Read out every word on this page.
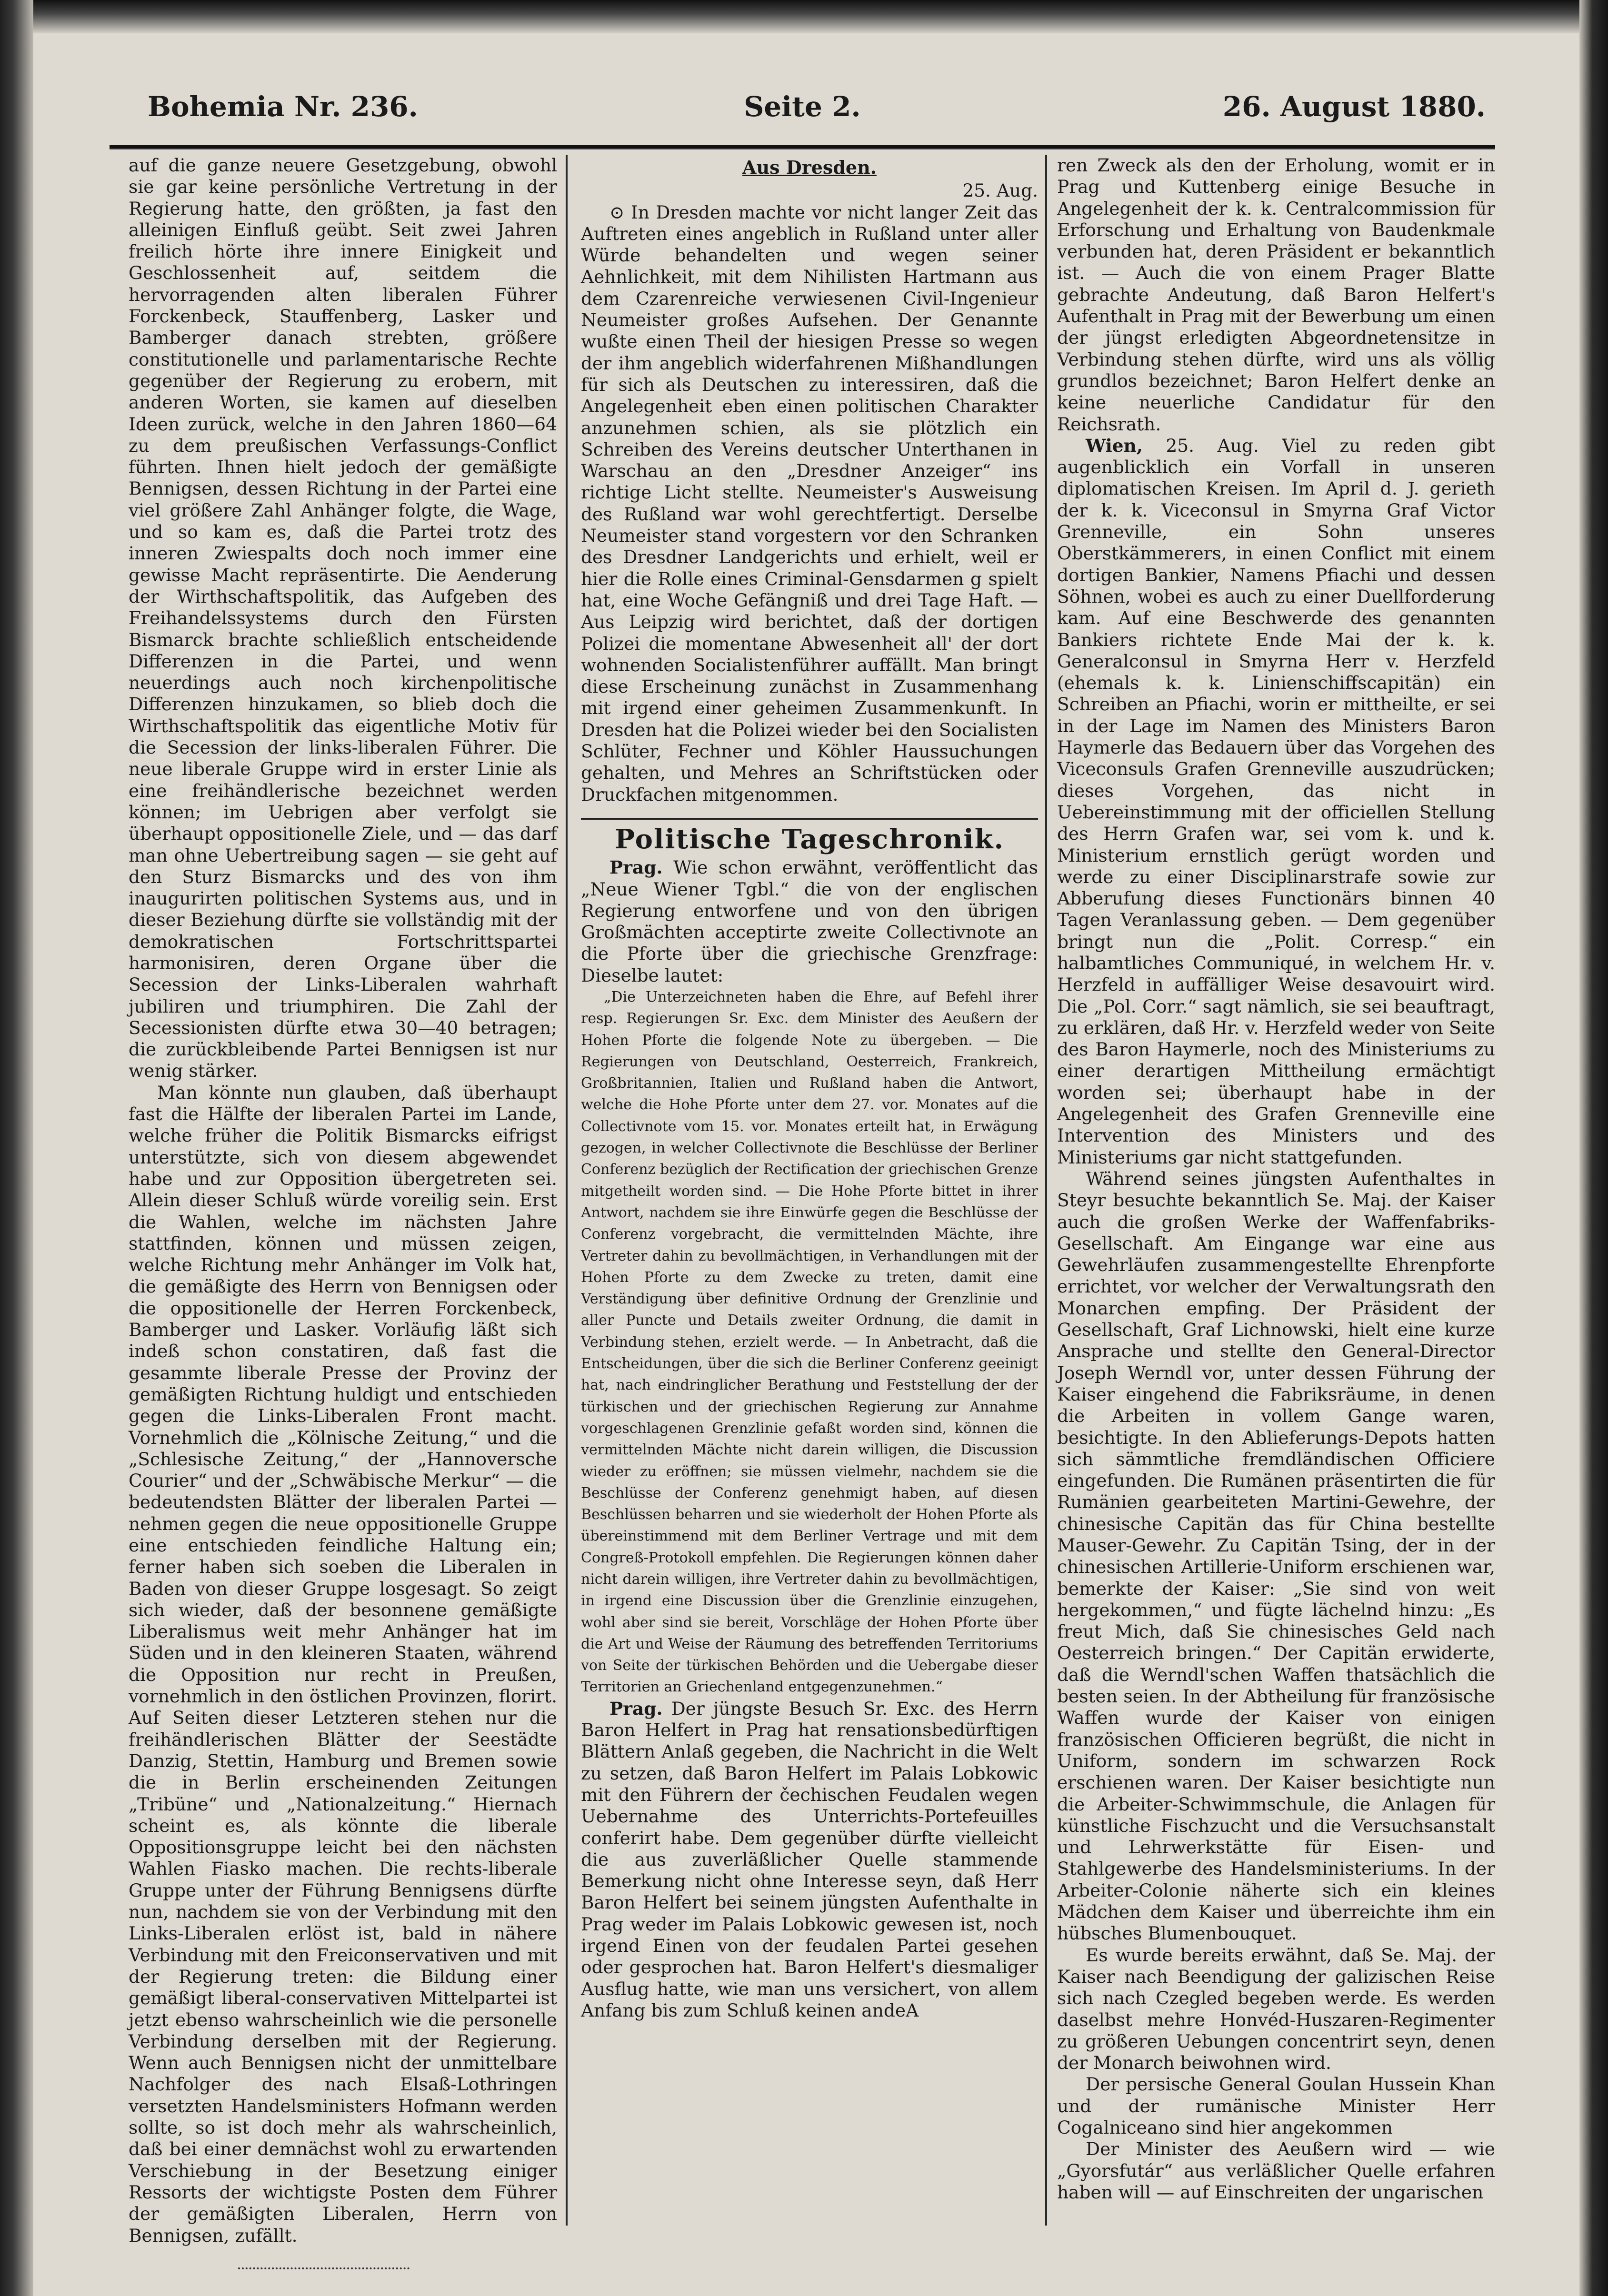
Bohemia Nr. 236.	Seite 2.	26. August 1880.

auf die ganze neuere Gesetzgebung, obwohl sie gar keine persönliche Vertretung in der Regierung hatte, den größten, ja fast den alleinigen Einfluß geübt. Seit zwei Jahren freilich hörte ihre innere Einigkeit und Geschlossenheit auf, seitdem die hervorragenden alten liberalen Führer Forckenbeck, Stauffenberg, Lasker und Bamberger danach strebten, größere constitutionelle und parlamentarische Rechte gegenüber der Regierung zu erobern, mit anderen Worten, sie kamen auf dieselben Ideen zurück, welche in den Jahren 1860—64 zu dem preußischen Verfassungs-Conflict führten. Ihnen hielt jedoch der gemäßigte Bennigsen, dessen Richtung in der Partei eine viel größere Zahl Anhänger folgte, die Wage, und so kam es, daß die Partei trotz des inneren Zwiespalts doch noch immer eine gewisse Macht repräsentirte. Die Aenderung der Wirthschaftspolitik, das Aufgeben des Freihandelssystems durch den Fürsten Bismarck brachte schließlich entscheidende Differenzen in die Partei, und wenn neuerdings auch noch kirchenpolitische Differenzen hinzukamen, so blieb doch die Wirthschaftspolitik das eigentliche Motiv für die Secession der links-liberalen Führer. Die neue liberale Gruppe wird in erster Linie als eine freihändlerische bezeichnet werden können; im Uebrigen aber verfolgt sie überhaupt oppositionelle Ziele, und — das darf man ohne Uebertreibung sagen — sie geht auf den Sturz Bismarcks und des von ihm inaugurirten politischen Systems aus, und in dieser Beziehung dürfte sie vollständig mit der demokratischen Fortschrittspartei harmonisiren, deren Organe über die Secession der Links-Liberalen wahrhaft jubiliren und triumphiren. Die Zahl der Secessionisten dürfte etwa 30—40 betragen; die zurückbleibende Partei Bennigsen ist nur wenig stärker.

Man könnte nun glauben, daß überhaupt fast die Hälfte der liberalen Partei im Lande, welche früher die Politik Bismarcks eifrigst unterstützte, sich von diesem abgewendet habe und zur Opposition übergetreten sei. Allein dieser Schluß würde voreilig sein. Erst die Wahlen, welche im nächsten Jahre stattfinden, können und müssen zeigen, welche Richtung mehr Anhänger im Volk hat, die gemäßigte des Herrn von Bennigsen oder die oppositionelle der Herren Forckenbeck, Bamberger und Lasker. Vorläufig läßt sich indeß schon constatiren, daß fast die gesammte liberale Presse der Provinz der gemäßigten Richtung huldigt und entschieden gegen die Links-Liberalen Front macht. Vornehmlich die „Kölnische Zeitung,“ und die „Schlesische Zeitung,“ der „Hannoversche Courier“ und der „Schwäbische Merkur“ — die bedeutendsten Blätter der liberalen Partei — nehmen gegen die neue oppositionelle Gruppe eine entschieden feindliche Haltung ein; ferner haben sich soeben die Liberalen in Baden von dieser Gruppe losgesagt. So zeigt sich wieder, daß der besonnene gemäßigte Liberalismus weit mehr Anhänger hat im Süden und in den kleineren Staaten, während die Opposition nur recht in Preußen, vornehmlich in den östlichen Provinzen, florirt. Auf Seiten dieser Letzteren stehen nur die freihändlerischen Blätter der Seestädte Danzig, Stettin, Hamburg und Bremen sowie die in Berlin erscheinenden Zeitungen „Tribüne“ und „Nationalzeitung.“ Hiernach scheint es, als könnte die liberale Oppositionsgruppe leicht bei den nächsten Wahlen Fiasko machen. Die rechts-liberale Gruppe unter der Führung Bennigsens dürfte nun, nachdem sie von der Verbindung mit den Links-Liberalen erlöst ist, bald in nähere Verbindung mit den Freiconservativen und mit der Regierung treten: die Bildung einer gemäßigt liberal-conservativen Mittelpartei ist jetzt ebenso wahrscheinlich wie die personelle Verbindung derselben mit der Regierung. Wenn auch Bennigsen nicht der unmittelbare Nachfolger des nach Elsaß-Lothringen versetzten Handelsministers Hofmann werden sollte, so ist doch mehr als wahrscheinlich, daß bei einer demnächst wohl zu erwartenden Verschiebung in der Besetzung einiger Ressorts der wichtigste Posten dem Führer der gemäßigten Liberalen, Herrn von Bennigsen, zufällt.

Aus Dresden.
25. Aug.

⊙ In Dresden machte vor nicht langer Zeit das Auftreten eines angeblich in Rußland unter aller Würde behandelten und wegen seiner Aehnlichkeit, mit dem Nihilisten Hartmann aus dem Czarenreiche verwiesenen Civil-Ingenieur Neumeister großes Aufsehen. Der Genannte wußte einen Theil der hiesigen Presse so wegen der ihm angeblich widerfahrenen Mißhandlungen für sich als Deutschen zu interessiren, daß die Angelegenheit eben einen politischen Charakter anzunehmen schien, als sie plötzlich ein Schreiben des Vereins deutscher Unterthanen in Warschau an den „Dresdner Anzeiger“ ins richtige Licht stellte. Neumeister's Ausweisung des Rußland war wohl gerechtfertigt. Derselbe Neumeister stand vorgestern vor den Schranken des Dresdner Landgerichts und erhielt, weil er hier die Rolle eines Criminal-Gensdarmen g spielt hat, eine Woche Gefängniß und drei Tage Haft. — Aus Leipzig wird berichtet, daß der dortigen Polizei die momentane Abwesenheit all' der dort wohnenden Socialistenführer auffällt. Man bringt diese Erscheinung zunächst in Zusammenhang mit irgend einer geheimen Zusammenkunft. In Dresden hat die Polizei wieder bei den Socialisten Schlüter, Fechner und Köhler Haussuchungen gehalten, und Mehres an Schriftstücken oder Druckfachen mitgenommen.

Politische Tageschronik.

Prag. Wie schon erwähnt, veröffentlicht das „Neue Wiener Tgbl.“ die von der englischen Regierung entworfene und von den übrigen Großmächten acceptirte zweite Collectivnote an die Pforte über die griechische Grenzfrage: Dieselbe lautet:

„Die Unterzeichneten haben die Ehre, auf Befehl ihrer resp. Regierungen Sr. Exc. dem Minister des Aeußern der Hohen Pforte die folgende Note zu übergeben. — Die Regierungen von Deutschland, Oesterreich, Frankreich, Großbritannien, Italien und Rußland haben die Antwort, welche die Hohe Pforte unter dem 27. vor. Monates auf die Collectivnote vom 15. vor. Monates erteilt hat, in Erwägung gezogen, in welcher Collectivnote die Beschlüsse der Berliner Conferenz bezüglich der Rectification der griechischen Grenze mitgetheilt worden sind. — Die Hohe Pforte bittet in ihrer Antwort, nachdem sie ihre Einwürfe gegen die Beschlüsse der Conferenz vorgebracht, die vermittelnden Mächte, ihre Vertreter dahin zu bevollmächtigen, in Verhandlungen mit der Hohen Pforte zu dem Zwecke zu treten, damit eine Verständigung über definitive Ordnung der Grenzlinie und aller Puncte und Details zweiter Ordnung, die damit in Verbindung stehen, erzielt werde. — In Anbetracht, daß die Entscheidungen, über die sich die Berliner Conferenz geeinigt hat, nach eindringlicher Berathung und Feststellung der der türkischen und der griechischen Regierung zur Annahme vorgeschlagenen Grenzlinie gefaßt worden sind, können die vermittelnden Mächte nicht darein willigen, die Discussion wieder zu eröffnen; sie müssen vielmehr, nachdem sie die Beschlüsse der Conferenz genehmigt haben, auf diesen Beschlüssen beharren und sie wiederholt der Hohen Pforte als übereinstimmend mit dem Berliner Vertrage und mit dem Congreß-Protokoll empfehlen. Die Regierungen können daher nicht darein willigen, ihre Vertreter dahin zu bevollmächtigen, in irgend eine Discussion über die Grenzlinie einzugehen, wohl aber sind sie bereit, Vorschläge der Hohen Pforte über die Art und Weise der Räumung des betreffenden Territoriums von Seite der türkischen Behörden und die Uebergabe dieser Territorien an Griechenland entgegenzunehmen.“

Prag. Der jüngste Besuch Sr. Exc. des Herrn Baron Helfert in Prag hat rensationsbedürftigen Blättern Anlaß gegeben, die Nachricht in die Welt zu setzen, daß Baron Helfert im Palais Lobkowic mit den Führern der čechischen Feudalen wegen Uebernahme des Unterrichts-Portefeuilles conferirt habe. Dem gegenüber dürfte vielleicht die aus zuverläßlicher Quelle stammende Bemerkung nicht ohne Interesse seyn, daß Herr Baron Helfert bei seinem jüngsten Aufenthalte in Prag weder im Palais Lobkowic gewesen ist, noch irgend Einen von der feudalen Partei gesehen oder gesprochen hat. Baron Helfert's diesmaliger Ausflug hatte, wie man uns versichert, von allem Anfang bis zum Schluß keinen andeA

ren Zweck als den der Erholung, womit er in Prag und Kuttenberg einige Besuche in Angelegenheit der k. k. Centralcommission für Erforschung und Erhaltung von Baudenkmale verbunden hat, deren Präsident er bekanntlich ist. — Auch die von einem Prager Blatte gebrachte Andeutung, daß Baron Helfert's Aufenthalt in Prag mit der Bewerbung um einen der jüngst erledigten Abgeordnetensitze in Verbindung stehen dürfte, wird uns als völlig grundlos bezeichnet; Baron Helfert denke an keine neuerliche Candidatur für den Reichsrath.

Wien, 25. Aug. Viel zu reden gibt augenblicklich ein Vorfall in unseren diplomatischen Kreisen. Im April d. J. gerieth der k. k. Viceconsul in Smyrna Graf Victor Grenneville, ein Sohn unseres Oberstkämmerers, in einen Conflict mit einem dortigen Bankier, Namens Pfiachi und dessen Söhnen, wobei es auch zu einer Duellforderung kam. Auf eine Beschwerde des genannten Bankiers richtete Ende Mai der k. k. Generalconsul in Smyrna Herr v. Herzfeld (ehemals k. k. Linienschiffscapitän) ein Schreiben an Pfiachi, worin er mittheilte, er sei in der Lage im Namen des Ministers Baron Haymerle das Bedauern über das Vorgehen des Viceconsuls Grafen Grenneville auszudrücken; dieses Vorgehen, das nicht in Uebereinstimmung mit der officiellen Stellung des Herrn Grafen war, sei vom k. und k. Ministerium ernstlich gerügt worden und werde zu einer Disciplinarstrafe sowie zur Abberufung dieses Functionärs binnen 40 Tagen Veranlassung geben. — Dem gegenüber bringt nun die „Polit. Corresp.“ ein halbamtliches Communiqué, in welchem Hr. v. Herzfeld in auffälliger Weise desavouirt wird. Die „Pol. Corr.“ sagt nämlich, sie sei beauftragt, zu erklären, daß Hr. v. Herzfeld weder von Seite des Baron Haymerle, noch des Ministeriums zu einer derartigen Mittheilung ermächtigt worden sei; überhaupt habe in der Angelegenheit des Grafen Grenneville eine Intervention des Ministers und des Ministeriums gar nicht stattgefunden.

Während seines jüngsten Aufenthaltes in Steyr besuchte bekanntlich Se. Maj. der Kaiser auch die großen Werke der Waffenfabriks-Gesellschaft. Am Eingange war eine aus Gewehrläufen zusammengestellte Ehrenpforte errichtet, vor welcher der Verwaltungsrath den Monarchen empfing. Der Präsident der Gesellschaft, Graf Lichnowski, hielt eine kurze Ansprache und stellte den General-Director Joseph Werndl vor, unter dessen Führung der Kaiser eingehend die Fabriksräume, in denen die Arbeiten in vollem Gange waren, besichtigte. In den Ablieferungs-Depots hatten sich sämmtliche fremdländischen Officiere eingefunden. Die Rumänen präsentirten die für Rumänien gearbeiteten Martini-Gewehre, der chinesische Capitän das für China bestellte Mauser-Gewehr. Zu Capitän Tsing, der in der chinesischen Artillerie-Uniform erschienen war, bemerkte der Kaiser: „Sie sind von weit hergekommen,“ und fügte lächelnd hinzu: „Es freut Mich, daß Sie chinesisches Geld nach Oesterreich bringen.“ Der Capitän erwiderte, daß die Werndl'schen Waffen thatsächlich die besten seien. In der Abtheilung für französische Waffen wurde der Kaiser von einigen französischen Officieren begrüßt, die nicht in Uniform, sondern im schwarzen Rock erschienen waren. Der Kaiser besichtigte nun die Arbeiter-Schwimmschule, die Anlagen für künstliche Fischzucht und die Versuchsanstalt und Lehrwerkstätte für Eisen- und Stahlgewerbe des Handelsministeriums. In der Arbeiter-Colonie näherte sich ein kleines Mädchen dem Kaiser und überreichte ihm ein hübsches Blumenbouquet.

Es wurde bereits erwähnt, daß Se. Maj. der Kaiser nach Beendigung der galizischen Reise sich nach Czegled begeben werde. Es werden daselbst mehre Honvéd-Huszaren-Regimenter zu größeren Uebungen concentrirt seyn, denen der Monarch beiwohnen wird.

Der persische General Goulan Hussein Khan und der rumänische Minister Herr Cogalniceano sind hier angekommen

Der Minister des Aeußern wird — wie „Gyorsfutár“ aus verläßlicher Quelle erfahren haben will — auf Einschreiten der ungarischen
